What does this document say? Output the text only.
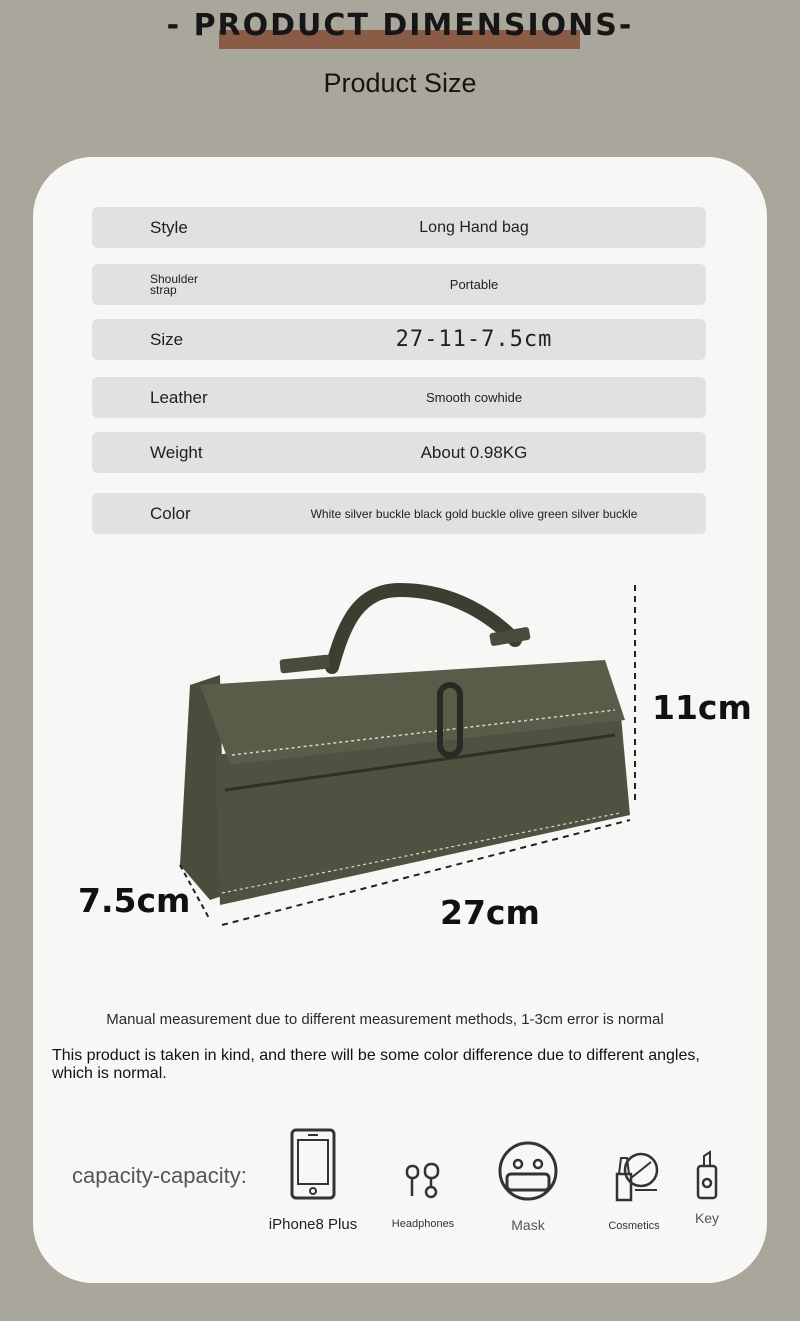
- PRODUCT DIMENSIONS-
Product Size
Style	Long Hand bag
Shoulder strap	Portable
Size	27-11-7.5cm
Leather	Smooth cowhide
Weight	About 0.98KG
Color	White silver buckle black gold buckle olive green silver buckle
11cm
7.5cm	27cm
Manual measurement due to different measurement methods, 1-3cm error is normal
This product is taken in kind, and there will be some color difference due to different angles, which is normal.
capacity-capacity:
iPhone8 Plus	Headphones	Mask	Cosmetics	Key
